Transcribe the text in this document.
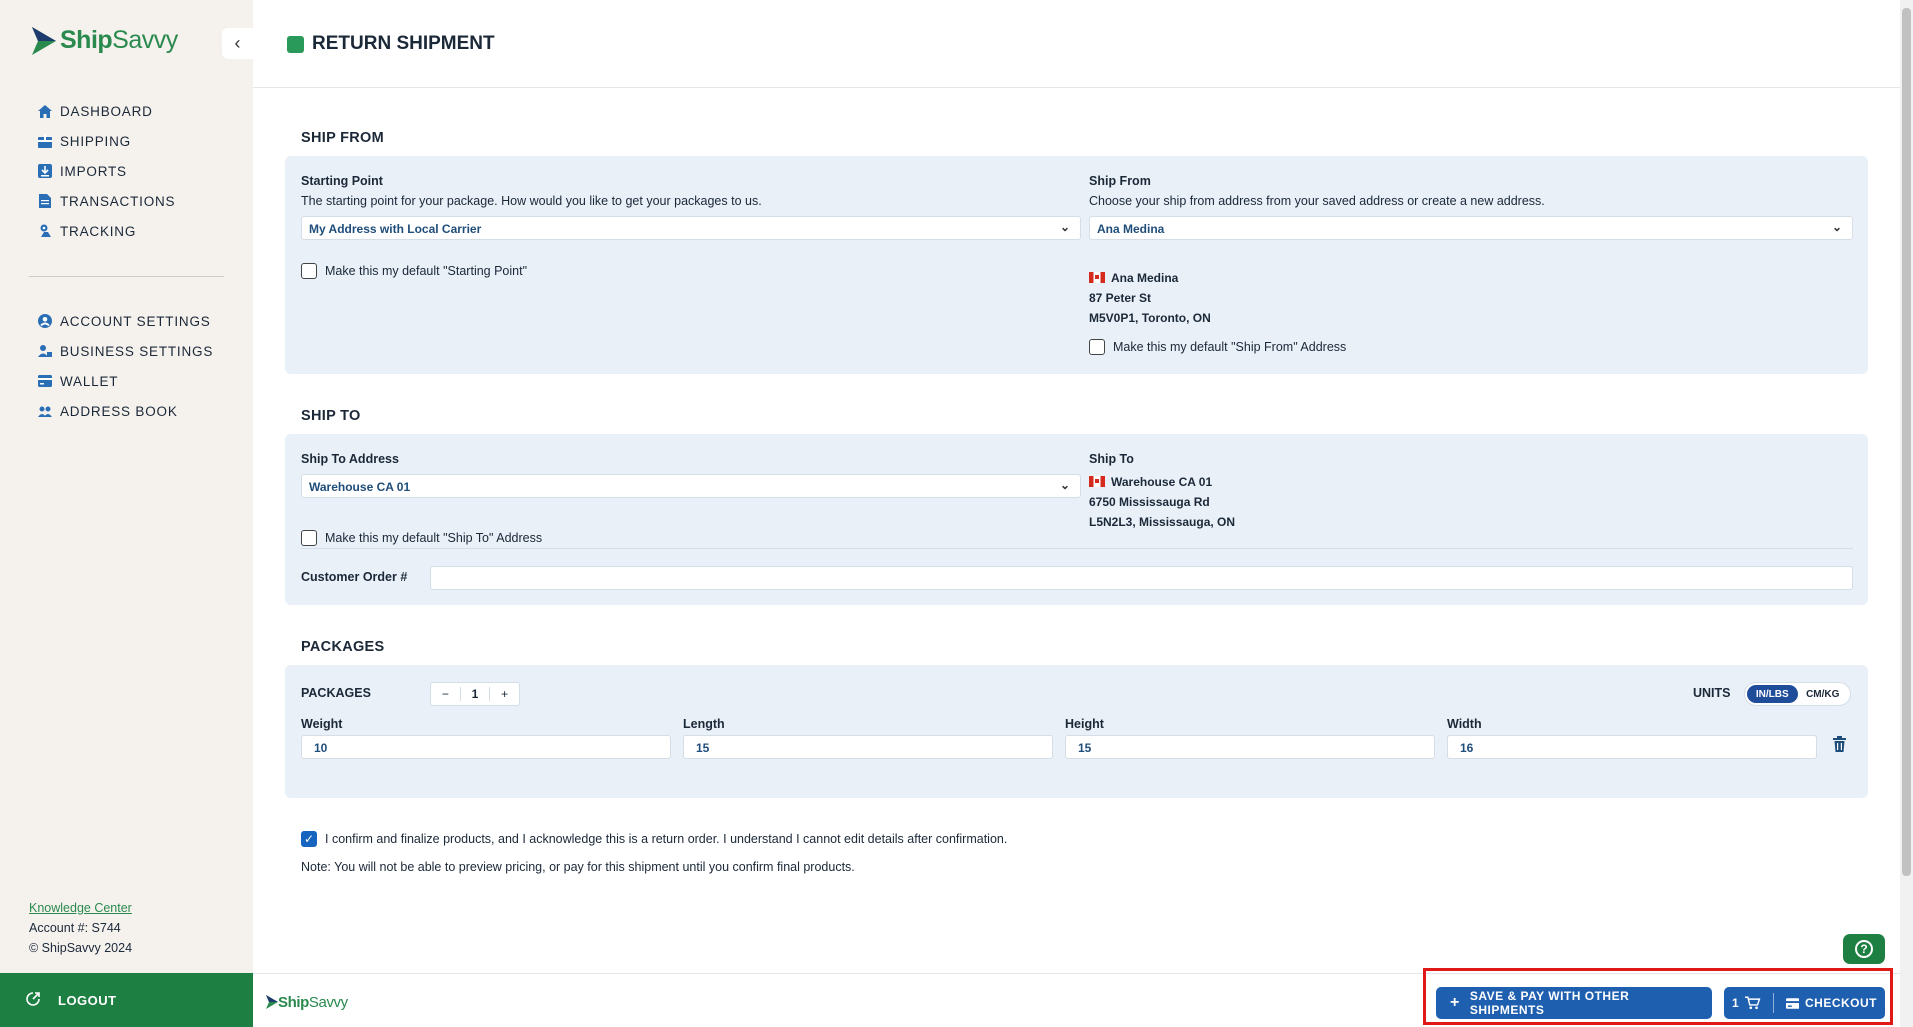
ShipSavvy	‹
DASHBOARD
SHIPPING
IMPORTS
TRANSACTIONS
TRACKING
ACCOUNT SETTINGS
BUSINESS SETTINGS
WALLET
ADDRESS BOOK
Knowledge Center
Account #: S744
© ShipSavvy 2024
LOGOUT
RETURN SHIPMENT
SHIP FROM
Starting Point
The starting point for your package. How would you like to get your packages to us.
My Address with Local Carrier	⌄
Make this my default "Starting Point"
Ship From
Choose your ship from address from your saved address or create a new address.
Ana Medina	⌄
Ana Medina
87 Peter St
M5V0P1, Toronto, ON
Make this my default "Ship From" Address
SHIP TO
Ship To Address
Warehouse CA 01	⌄
Make this my default "Ship To" Address
Ship To
Warehouse CA 01
6750 Mississauga Rd
L5N2L3, Mississauga, ON
Customer Order #
PACKAGES
PACKAGES	UNITS
Weight
10
Length
15
Height
15
Width
16
−	1	+	IN/LBS	CM/KG
✓ I confirm and finalize products, and I acknowledge this is a return order. I understand I cannot edit details after confirmation.
Note: You will not be able to preview pricing, or pay for this shipment until you confirm final products.
?
ShipSavvy	+ SAVE & PAY WITH OTHER SHIPMENTS	1	CHECKOUT
